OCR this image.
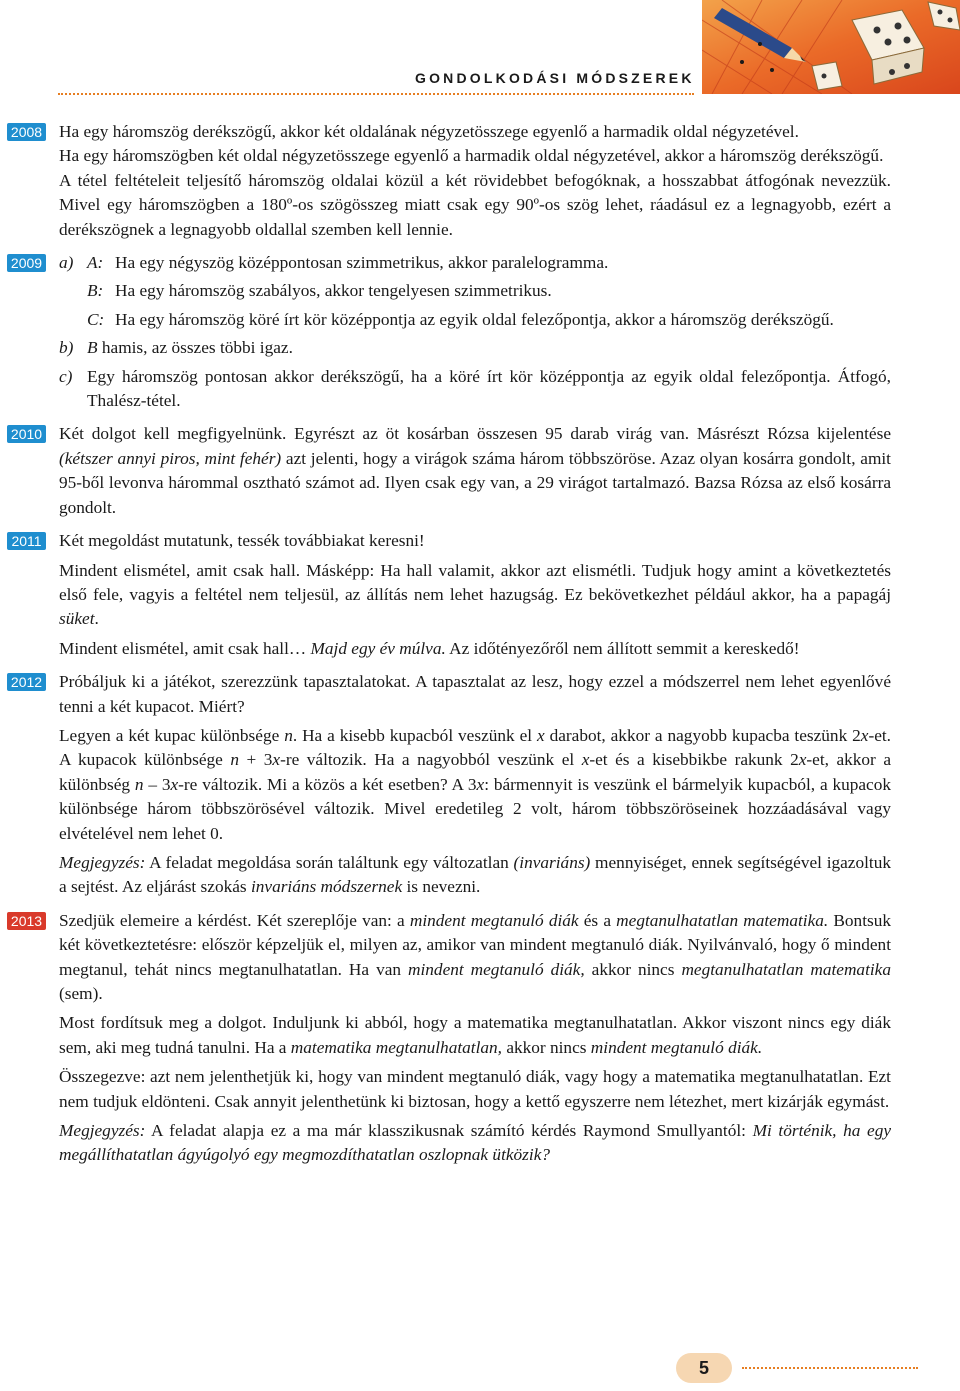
GONDOLKODÁSI MÓDSZEREK
2008 Ha egy háromszög derékszögű, akkor két oldalának négyzetösszege egyenlő a harmadik oldal négyzetével.

Ha egy háromszögben két oldal négyzetösszege egyenlő a harmadik oldal négyzetével, akkor a háromszög derékszögű.

A tétel feltételeit teljesítő háromszög oldalai közül a két rövidebbet befogóknak, a hosszabbat átfogónak nevezzük. Mivel egy háromszögben a 180º-os szögösszeg miatt csak egy 90º-os szög lehet, ráadásul ez a legnagyobb, ezért a derékszögnek a legnagyobb oldallal szemben kell lennie.

2009 a) A: Ha egy négyszög középpontosan szimmetrikus, akkor paralelogramma.
B: Ha egy háromszög szabályos, akkor tengelyesen szimmetrikus.
C: Ha egy háromszög köré írt kör középpontja az egyik oldal felezőpontja, akkor a háromszög derékszögű.
b) B hamis, az összes többi igaz.
c) Egy háromszög pontosan akkor derékszögű, ha a köré írt kör középpontja az egyik oldal felezőpontja. Átfogó, Thalész-tétel.
2010 Két dolgot kell megfigyelnünk. Egyrészt az öt kosárban összesen 95 darab virág van. Másrészt Rózsa kijelentése (kétszer annyi piros, mint fehér) azt jelenti, hogy a virágok száma három többszöröse. Azaz olyan kosárra gondolt, amit 95-ből levonva hárommal osztható számot ad. Ilyen csak egy van, a 29 virágot tartalmazó. Bazsa Rózsa az első kosárra gondolt.

2011 Két megoldást mutatunk, tessék továbbiakat keresni!

Mindent elismétel, amit csak hall. Másképp: Ha hall valamit, akkor azt elismétli. Tudjuk hogy amint a következtetés első fele, vagyis a feltétel nem teljesül, az állítás nem lehet hazugság. Ez bekövetkezhet például akkor, ha a papagáj süket.

Mindent elismétel, amit csak hall… Majd egy év múlva. Az időtényezőről nem állított semmit a kereskedő!

2012 Próbáljuk ki a játékot, szerezzünk tapasztalatokat. A tapasztalat az lesz, hogy ezzel a módszerrel nem lehet egyenlővé tenni a két kupacot. Miért?

Legyen a két kupac különbsége n. Ha a kisebb kupacból veszünk el x darabot, akkor a nagyobb kupacba teszünk 2x-et. A kupacok különbsége n + 3x-re változik. Ha a nagyobból veszünk el x-et és a kisebbikbe rakunk 2x-et, akkor a különbség n – 3x-re változik. Mi a közös a két esetben? A 3x: bármennyit is veszünk el bármelyik kupacból, a kupacok különbsége három többszörösével változik. Mivel eredetileg 2 volt, három többszöröseinek hozzáadásával vagy elvételével nem lehet 0.

Megjegyzés: A feladat megoldása során találtunk egy változatlan (invariáns) mennyiséget, ennek segítségével igazoltuk a sejtést. Az eljárást szokás invariáns módszernek is nevezni.

2013 Szedjük elemeire a kérdést. Két szereplője van: a mindent megtanuló diák és a megtanulhatatlan matematika. Bontsuk két következtetésre: először képzeljük el, milyen az, amikor van mindent megtanuló diák. Nyilvánvaló, hogy ő mindent megtanul, tehát nincs megtanulhatatlan. Ha van mindent megtanuló diák, akkor nincs megtanulhatatlan matematika (sem).

Most fordítsuk meg a dolgot. Induljunk ki abból, hogy a matematika megtanulhatatlan. Akkor viszont nincs egy diák sem, aki meg tudná tanulni. Ha a matematika megtanulhatatlan, akkor nincs mindent megtanuló diák.

Összegezve: azt nem jelenthetjük ki, hogy van mindent megtanuló diák, vagy hogy a matematika megtanulhatatlan. Ezt nem tudjuk eldönteni. Csak annyit jelenthetünk ki biztosan, hogy a kettő egyszerre nem létezhet, mert kizárják egymást.

Megjegyzés: A feladat alapja ez a ma már klasszikusnak számító kérdés Raymond Smullyantól: Mi történik, ha egy megállíthatatlan ágyúgolyó egy megmozdíthatatlan oszlopnak ütközik?

5
